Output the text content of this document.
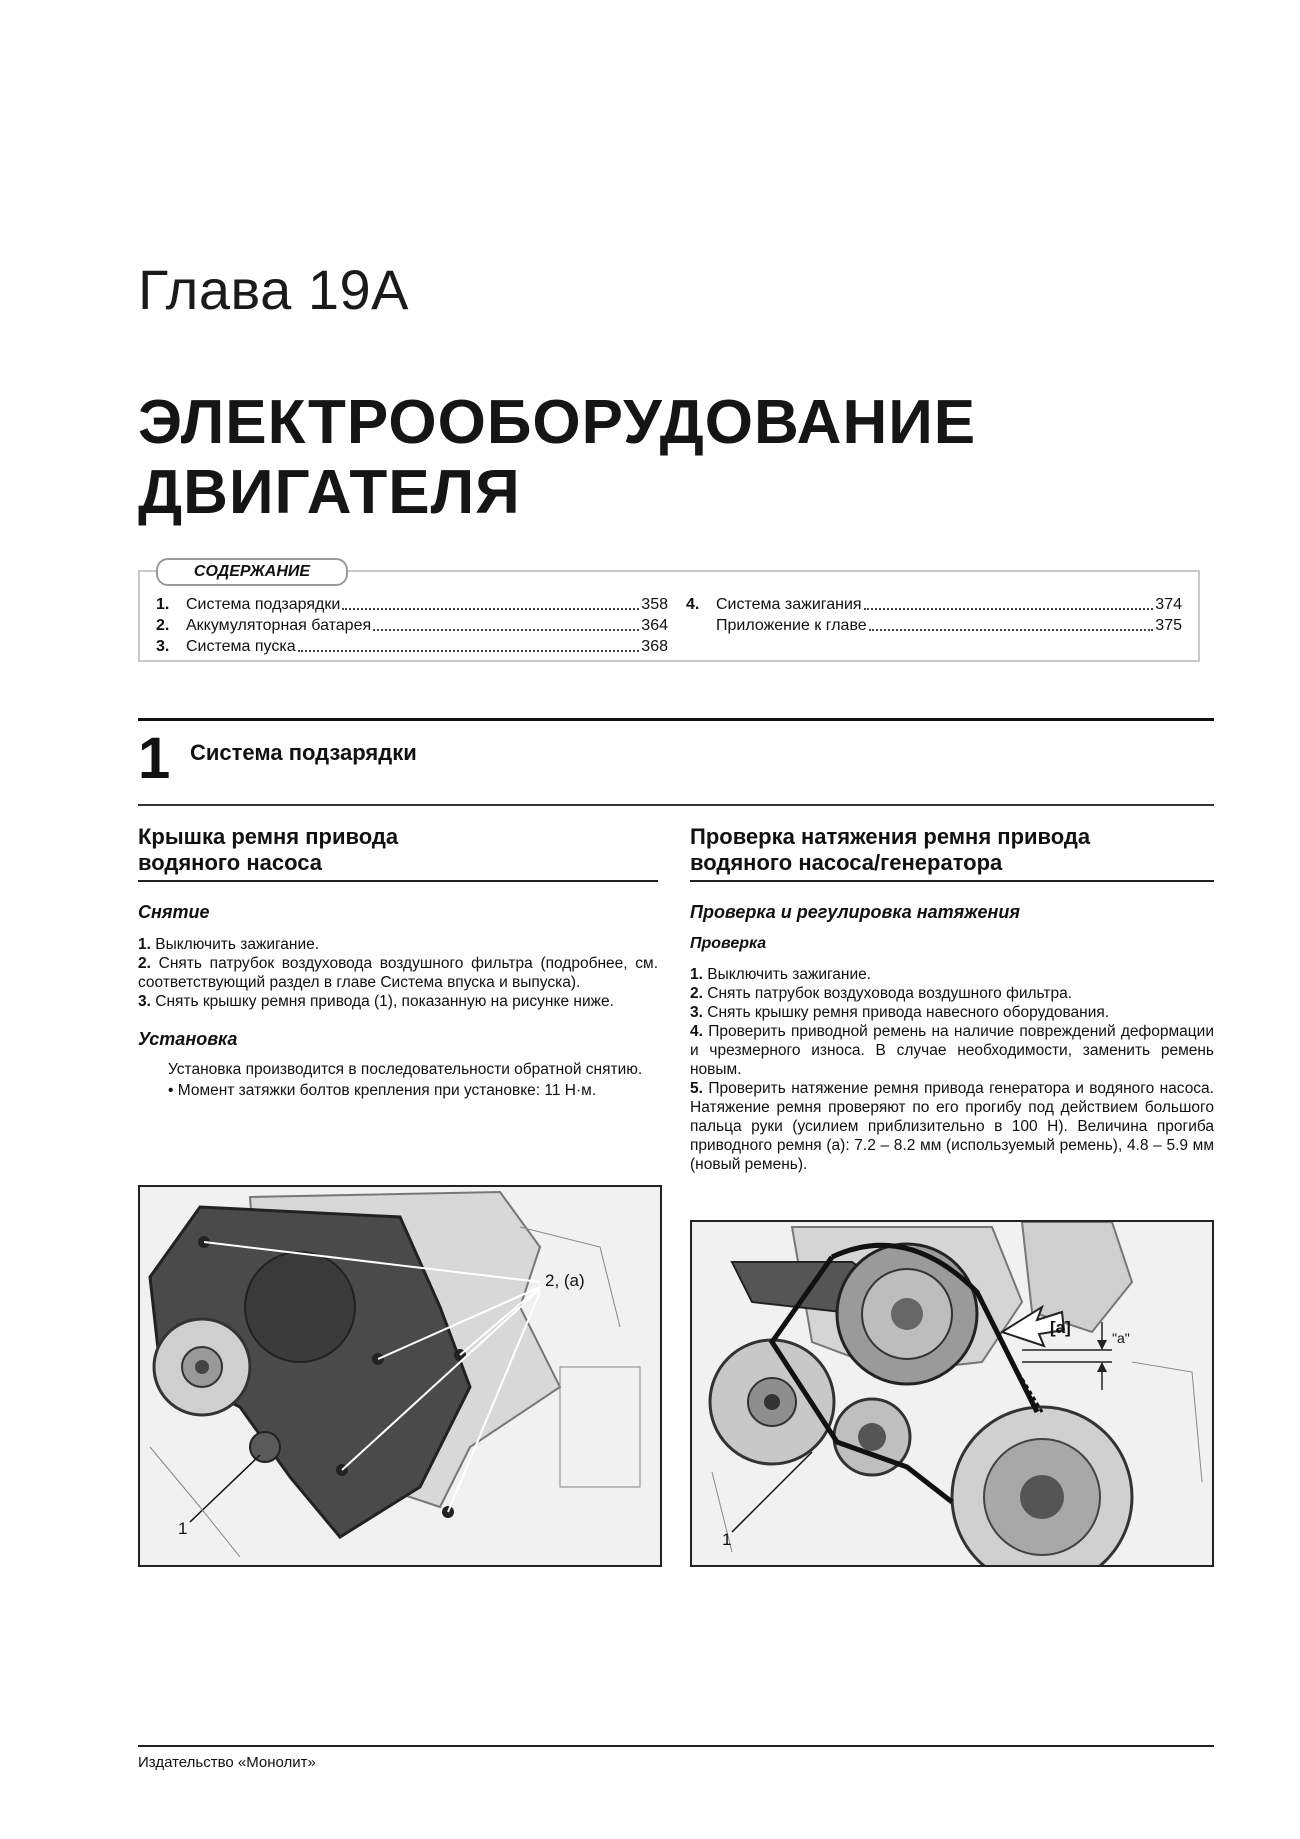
Глава 19A
ЭЛЕКТРООБОРУДОВАНИЕ
ДВИГАТЕЛЯ
СОДЕРЖАНИЕ
1.	Система подзарядки	358
2.	Аккумуляторная батарея	364
3.	Система пуска	368
4.	Система зажигания	374
Приложение к главе	375
1 Система подзарядки
Крышка ремня привода
водяного насоса
Снятие

1. Выключить зажигание.

2. Снять патрубок воздуховода воздушного фильтра (подробнее, см. соответствующий раздел в главе Система впуска и выпуска).

3. Снять крышку ремня привода (1), показанную на рисунке ниже.

Установка
Установка производится в последовательности обратной снятию.
• Момент затяжки болтов крепления при установке: 11 Н·м.
2, (a)
1
Проверка натяжения ремня привода
водяного насоса/генератора
Проверка и регулировка натяжения
Проверка

1. Выключить зажигание.

2. Снять патрубок воздуховода воздушного фильтра.

3. Снять крышку ремня привода навесного оборудования.

4. Проверить приводной ремень на наличие повреждений деформации и чрезмерного износа. В случае необходимости, заменить ремень новым.

5. Проверить натяжение ремня привода генератора и водяного насоса. Натяжение ремня проверяют по его прогибу под действием большого пальца руки (усилием приблизительно в 100 Н). Величина прогиба приводного ремня (а): 7.2 – 8.2 мм (используемый ремень), 4.8 – 5.9 мм (новый ремень).

[a]
"a"
1
Издательство «Монолит»
